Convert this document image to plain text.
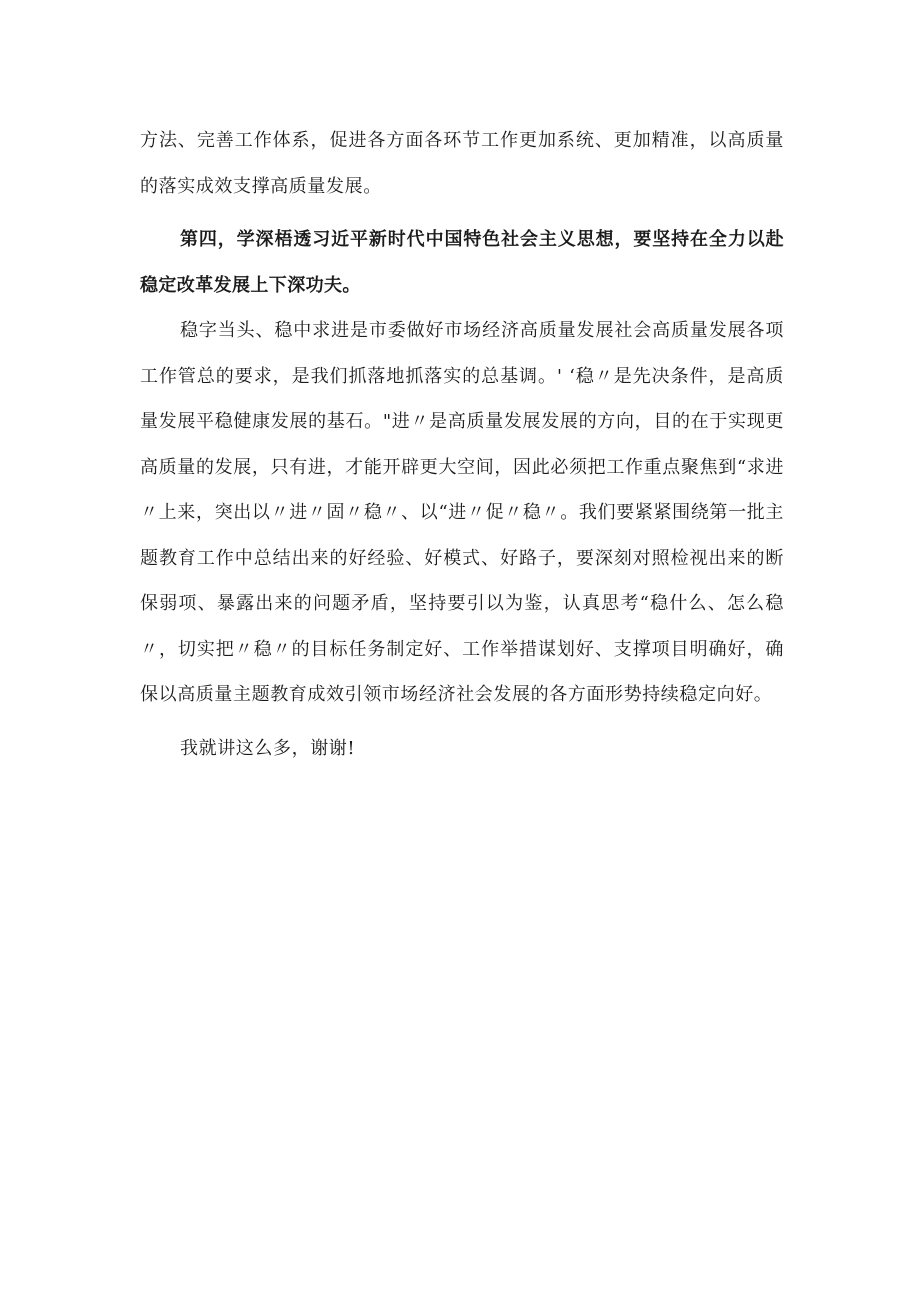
方法、完善工作体系，促进各方面各环节工作更加系统、更加精准，以高质量的落实成效支撑高质量发展。

第四，学深梧透习近平新时代中国特色社会主义思想，要坚持在全力以赴稳定改革发展上下深功夫。

稳字当头、稳中求进是市委做好市场经济高质量发展社会高质量发展各项工作管总的要求，是我们抓落地抓落实的总基调。' ‘稳〃是先决条件，是高质量发展平稳健康发展的基石。"进〃是高质量发展发展的方向，目的在于实现更高质量的发展，只有进，才能开辟更大空间，因此必须把工作重点聚焦到“求进〃上来，突出以〃进〃固〃稳〃、以“进〃促〃稳〃。我们要紧紧围绕第一批主题教育工作中总结出来的好经验、好模式、好路子，要深刻对照检视出来的断保弱项、暴露出来的问题矛盾，坚持要引以为鉴，认真思考“稳什么、怎么稳〃，切实把〃稳〃的目标任务制定好、工作举措谋划好、支撑项目明确好，确保以高质量主题教育成效引领市场经济社会发展的各方面形势持续稳定向好。

我就讲这么多，谢谢!
